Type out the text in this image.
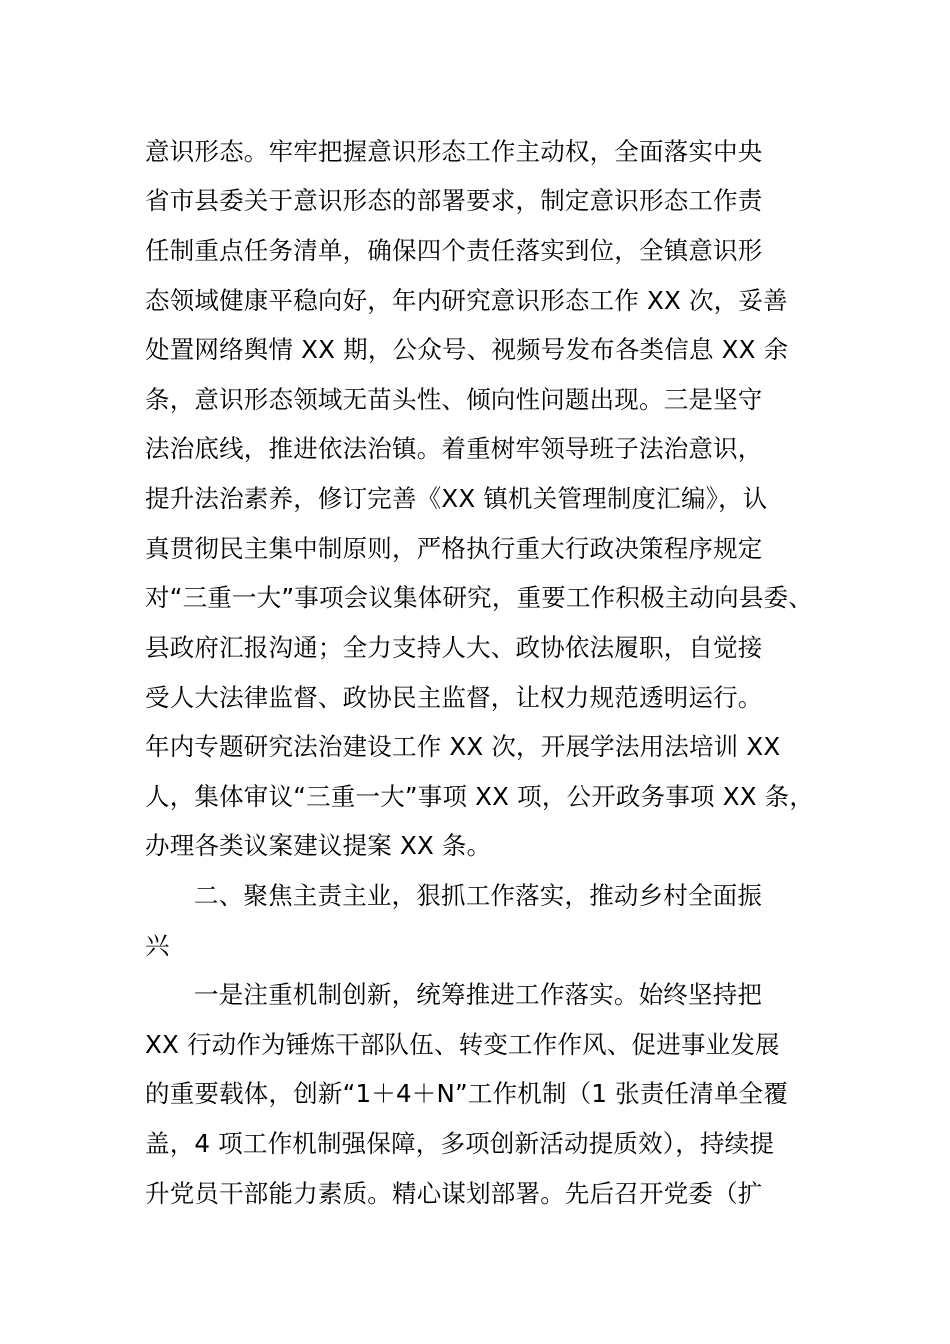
意识形态。牢牢把握意识形态工作主动权，全面落实中央
省市县委关于意识形态的部署要求，制定意识形态工作责
任制重点任务清单，确保四个责任落实到位，全镇意识形
态领域健康平稳向好，年内研究意识形态工作 XX 次，妥善
处置网络舆情 XX 期，公众号、视频号发布各类信息 XX 余
条，意识形态领域无苗头性、倾向性问题出现。三是坚守
法治底线，推进依法治镇。着重树牢领导班子法治意识，
提升法治素养，修订完善《XX 镇机关管理制度汇编》，认
真贯彻民主集中制原则，严格执行重大行政决策程序规定
对“三重一大”事项会议集体研究，重要工作积极主动向县委、
县政府汇报沟通；全力支持人大、政协依法履职，自觉接
受人大法律监督、政协民主监督，让权力规范透明运行。
年内专题研究法治建设工作 XX 次，开展学法用法培训 XX
人，集体审议“三重一大”事项 XX 项，公开政务事项 XX 条，
办理各类议案建议提案 XX 条。
二、聚焦主责主业，狠抓工作落实，推动乡村全面振
兴
一是注重机制创新，统筹推进工作落实。始终坚持把
XX 行动作为锤炼干部队伍、转变工作作风、促进事业发展
的重要载体，创新“1＋4＋N”工作机制（1 张责任清单全覆
盖，4 项工作机制强保障，多项创新活动提质效），持续提
升党员干部能力素质。精心谋划部署。先后召开党委（扩
